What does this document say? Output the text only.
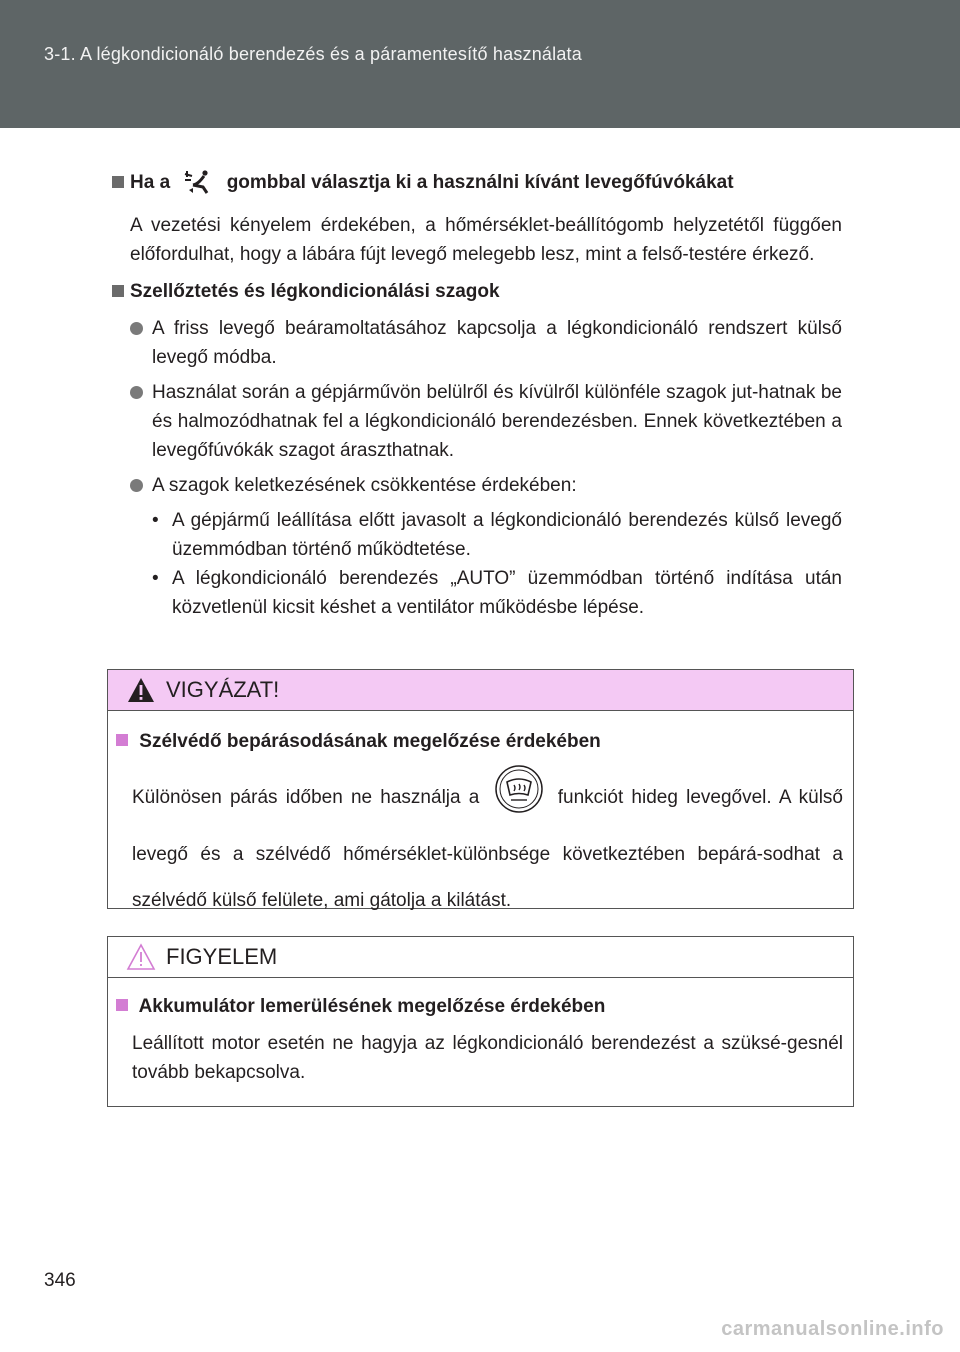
3-1. A légkondicionáló berendezés és a páramentesítő használata
Ha a	gombbal választja ki a használni kívánt levegőfúvókákat

A vezetési kényelem érdekében, a hőmérséklet-beállítógomb helyzetétől függően előfordulhat, hogy a lábára fújt levegő melegebb lesz, mint a felső-testére érkező.

Szellőztetés és légkondicionálási szagok
A friss levegő beáramoltatásához kapcsolja a légkondicionáló rendszert külső levegő módba.
Használat során a gépjárművön belülről és kívülről különféle szagok jut-hatnak be és halmozódhatnak fel a légkondicionáló berendezésben. Ennek következtében a levegőfúvókák szagot áraszthatnak.
A szagok keletkezésének csökkentése érdekében:
• A gépjármű leállítása előtt javasolt a légkondicionáló berendezés külső levegő üzemmódban történő működtetése.
• A légkondicionáló berendezés „AUTO” üzemmódban történő indítása után közvetlenül kicsit késhet a ventilátor működésbe lépése.
VIGYÁZAT!
Szélvédő bepárásodásának megelőzése érdekében

Különösen párás időben ne használja a	funkciót hideg levegővel. A külső levegő és a szélvédő hőmérséklet-különbsége következtében bepárá-sodhat a szélvédő külső felülete, ami gátolja a kilátást.

FIGYELEM
Akkumulátor lemerülésének megelőzése érdekében

Leállított motor esetén ne hagyja az légkondicionáló berendezést a szüksé-gesnél tovább bekapcsolva.

346
carmanualsonline.info
